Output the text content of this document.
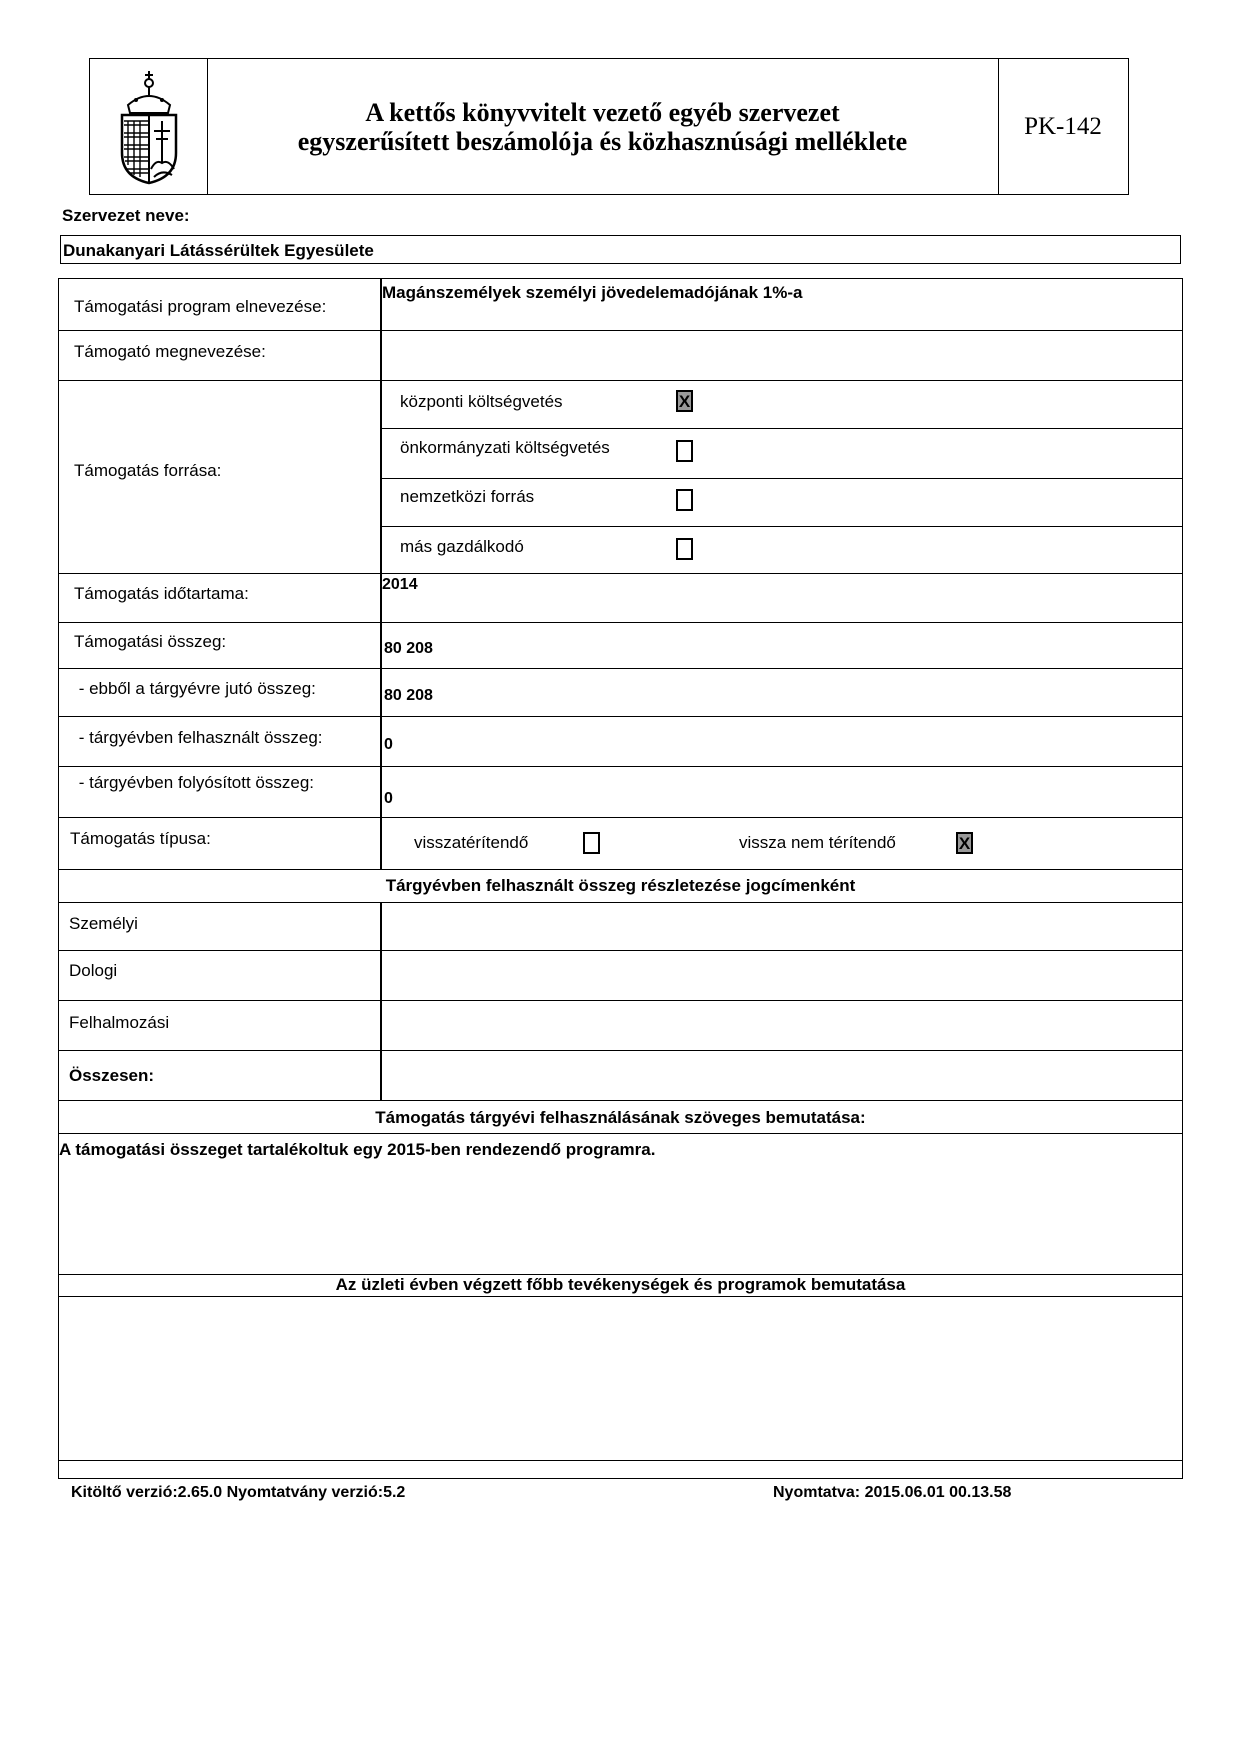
A kettős könyvvitelt vezető egyéb szervezet
egyszerűsített beszámolója és közhasznúsági melléklete
PK-142
Szervezet neve:
Dunakanyari Látássérültek Egyesülete
Támogatási program elnevezése:
Magánszemélyek személyi jövedelemadójának 1%-a
Támogató megnevezése:
Támogatás forrása:
központi költségvetés	X
önkormányzati költségvetés
nemzetközi forrás
más gazdálkodó
Támogatás időtartama:	2014
Támogatási összeg:	80 208
- ebből a tárgyévre jutó összeg:	80 208
- tárgyévben felhasznált összeg:	0
- tárgyévben folyósított összeg:
0
Támogatás típusa:	visszatérítendő	vissza nem térítendő	X
Tárgyévben felhasznált összeg részletezése jogcímenként
Személyi
Dologi
Felhalmozási
Összesen:
Támogatás tárgyévi felhasználásának szöveges bemutatása:
A támogatási összeget tartalékoltuk egy 2015-ben rendezendő programra.
Az üzleti évben végzett főbb tevékenységek és programok bemutatása
Kitöltő verzió:2.65.0 Nyomtatvány verzió:5.2	Nyomtatva: 2015.06.01 00.13.58
